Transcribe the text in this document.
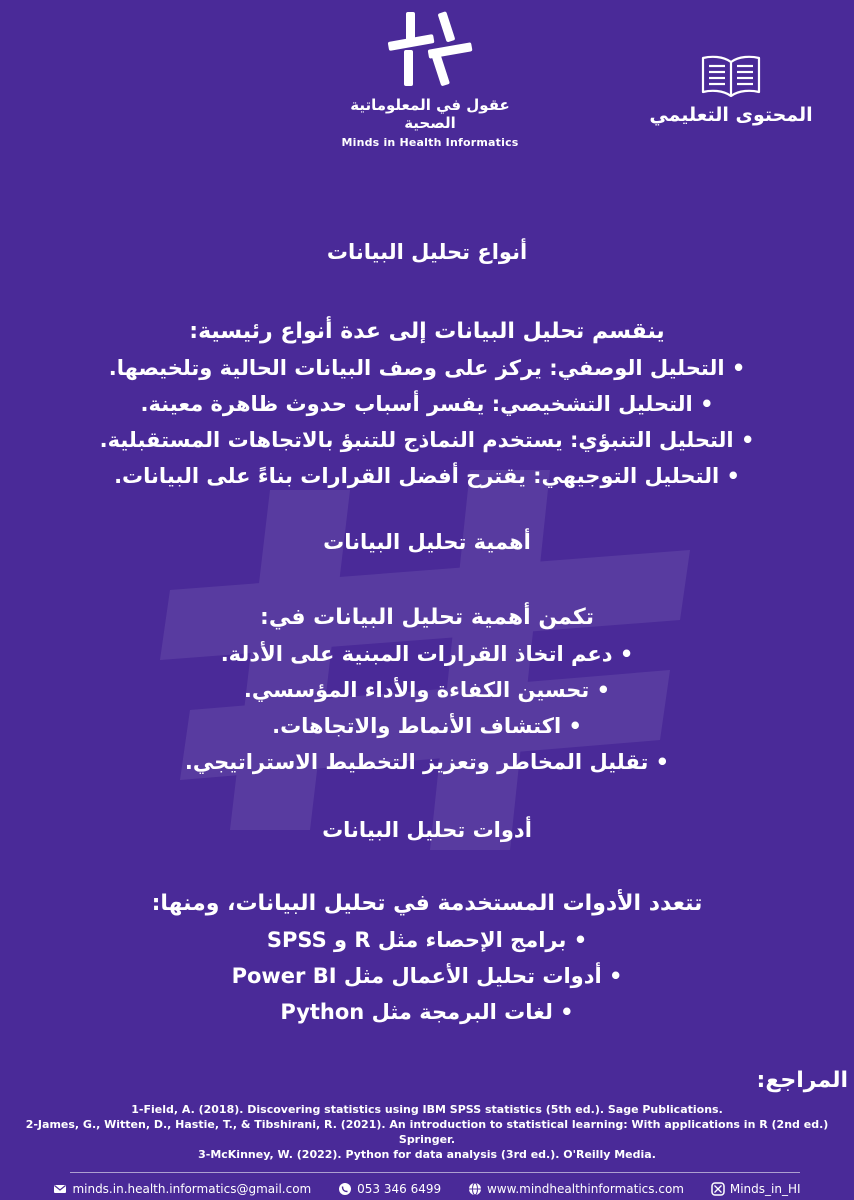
عقول في المعلوماتية الصحية
Minds in Health Informatics
المحتوى التعليمي
أنواع تحليل البيانات
ينقسم تحليل البيانات إلى عدة أنواع رئيسية:
• التحليل الوصفي: يركز على وصف البيانات الحالية وتلخيصها.
• التحليل التشخيصي: يفسر أسباب حدوث ظاهرة معينة.
• التحليل التنبؤي: يستخدم النماذج للتنبؤ بالاتجاهات المستقبلية.
• التحليل التوجيهي: يقترح أفضل القرارات بناءً على البيانات.
أهمية تحليل البيانات
تكمن أهمية تحليل البيانات في:
• دعم اتخاذ القرارات المبنية على الأدلة.
• تحسين الكفاءة والأداء المؤسسي.
• اكتشاف الأنماط والاتجاهات.
• تقليل المخاطر وتعزيز التخطيط الاستراتيجي.
أدوات تحليل البيانات
تتعدد الأدوات المستخدمة في تحليل البيانات، ومنها:
• برامج الإحصاء مثل R و SPSS
• أدوات تحليل الأعمال مثل Power BI
• لغات البرمجة مثل Python
المراجع:
1-Field, A. (2018). Discovering statistics using IBM SPSS statistics (5th ed.). Sage Publications.
2-James, G., Witten, D., Hastie, T., & Tibshirani, R. (2021). An introduction to statistical learning: With applications in R (2nd ed.) Springer.
3-McKinney, W. (2022). Python for data analysis (3rd ed.). O'Reilly Media.
minds.in.health.informatics@gmail.com	053 346 6499	www.mindhealthinformatics.com	Minds_in_HI
